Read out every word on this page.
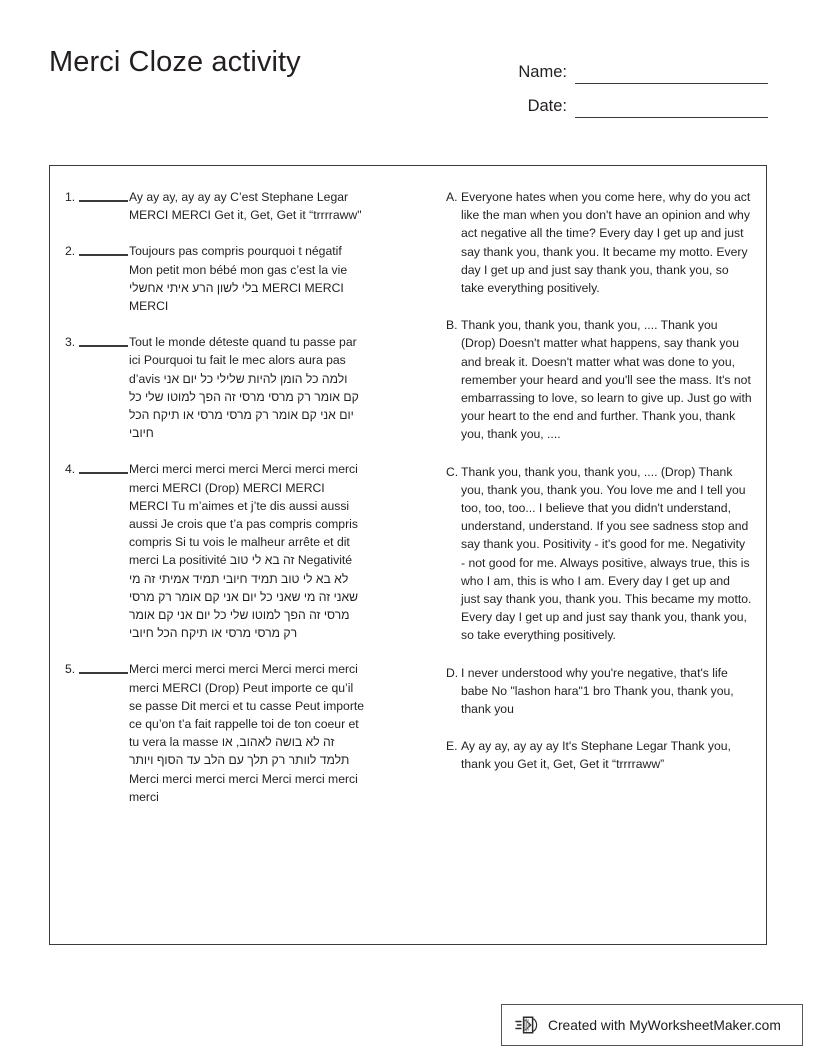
Merci Cloze activity	Name:
Date:
1.	Ay ay ay, ay ay ay C’est Stephane Legar MERCI MERCI Get it, Get, Get it “trrrraww"
2.	Toujours pas compris pourquoi t négatif Mon petit mon bébé mon gas c’est la vie בלי לשון הרע איתי אחשלי MERCI MERCI MERCI
3.	Tout le monde déteste quand tu passe par ici Pourquoi tu fait le mec alors aura pas d’avis ולמה כל הומן להיות שלילי כל יום אני קם אומר רק מרסי מרסי זה הפך למוטו שלי כל יום אני קם אומר רק מרסי מרסי או תיקח הכל חיובי
4.	Merci merci merci merci Merci merci merci merci MERCI (Drop) MERCI MERCI MERCI Tu m’aimes et j’te dis aussi aussi aussi Je crois que t’a pas compris compris compris Si tu vois le malheur arrête et dit merci La positivité זה בא לי טוב Negativité לא בא לי טוב תמיד חיובי תמיד אמיתי זה מי שאני זה מי שאני כל יום אני קם אומר רק מרסי מרסי זה הפך למוטו שלי כל יום אני קם אומר רק מרסי מרסי או תיקח הכל חיובי
5.	Merci merci merci merci Merci merci merci merci MERCI (Drop) Peut importe ce qu’il se passe Dit merci et tu casse Peut importe ce qu’on t’a fait rappelle toi de ton coeur et tu vera la masse זה לא בושה לאהוב, או תלמד לוותר רק תלך עם הלב עד הסוף ויותר Merci merci merci merci Merci merci merci merci
A. Everyone hates when you come here, why do you act like the man when you don't have an opinion and why act negative all the time? Every day I get up and just say thank you, thank you. It became my motto. Every day I get up and just say thank you, thank you, so take everything positively.
B. Thank you, thank you, thank you, .... Thank you (Drop) Doesn't matter what happens, say thank you and break it. Doesn't matter what was done to you, remember your heard and you'll see the mass. It's not embarrassing to love, so learn to give up. Just go with your heart to the end and further. Thank you, thank you, thank you, ....
C. Thank you, thank you, thank you, .... (Drop) Thank you, thank you, thank you. You love me and I tell you too, too, too... I believe that you didn't understand, understand, understand. If you see sadness stop and say thank you. Positivity - it's good for me. Negativity - not good for me. Always positive, always true, this is who I am, this is who I am. Every day I get up and just say thank you, thank you. This became my motto. Every day I get up and just say thank you, thank you, so take everything positively.
D. I never understood why you're negative, that's life babe No "lashon hara"1 bro Thank you, thank you, thank you
E. Ay ay ay, ay ay ay It's Stephane Legar Thank you, thank you Get it, Get, Get it “trrrraww”
Created with MyWorksheetMaker.com
